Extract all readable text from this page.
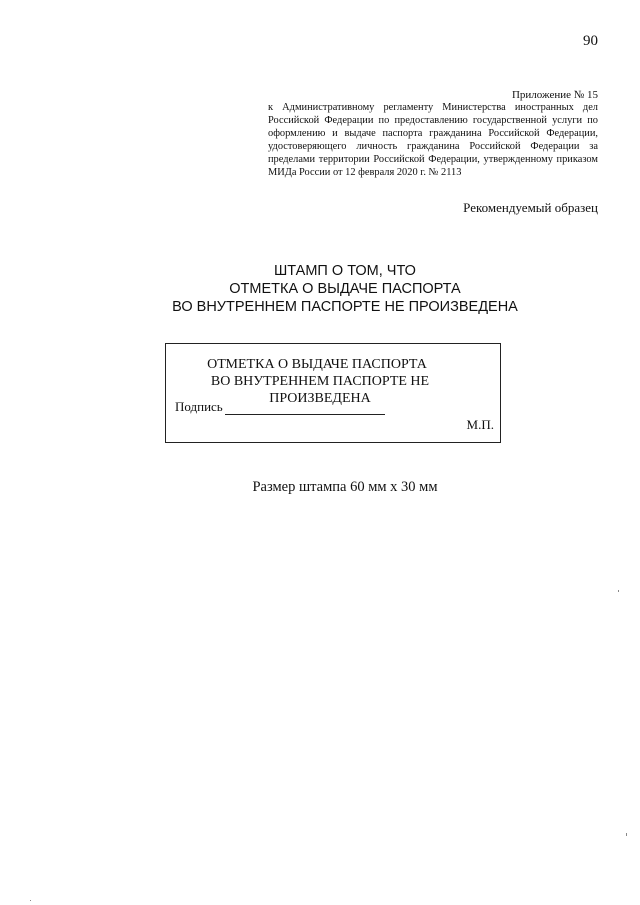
90
Приложение № 15
к Административному регламенту Министерства иностранных дел Российской Федерации по предоставлению государственной услуги по оформлению и выдаче паспорта гражданина Российской Федерации, удостоверяющего личность гражданина Российской Федерации за пределами территории Российской Федерации, утвержденному приказом МИДа России от 12 февраля 2020 г. № 2113
Рекомендуемый образец
ШТАМП О ТОМ, ЧТО
ОТМЕТКА О ВЫДАЧЕ ПАСПОРТА
ВО ВНУТРЕННЕМ ПАСПОРТЕ НЕ ПРОИЗВЕДЕНА
ОТМЕТКА О ВЫДАЧЕ ПАСПОРТА
ВО ВНУТРЕННЕМ ПАСПОРТЕ НЕ ПРОИЗВЕДЕНА
Подпись
М.П.
Размер штампа 60 мм х 30 мм
